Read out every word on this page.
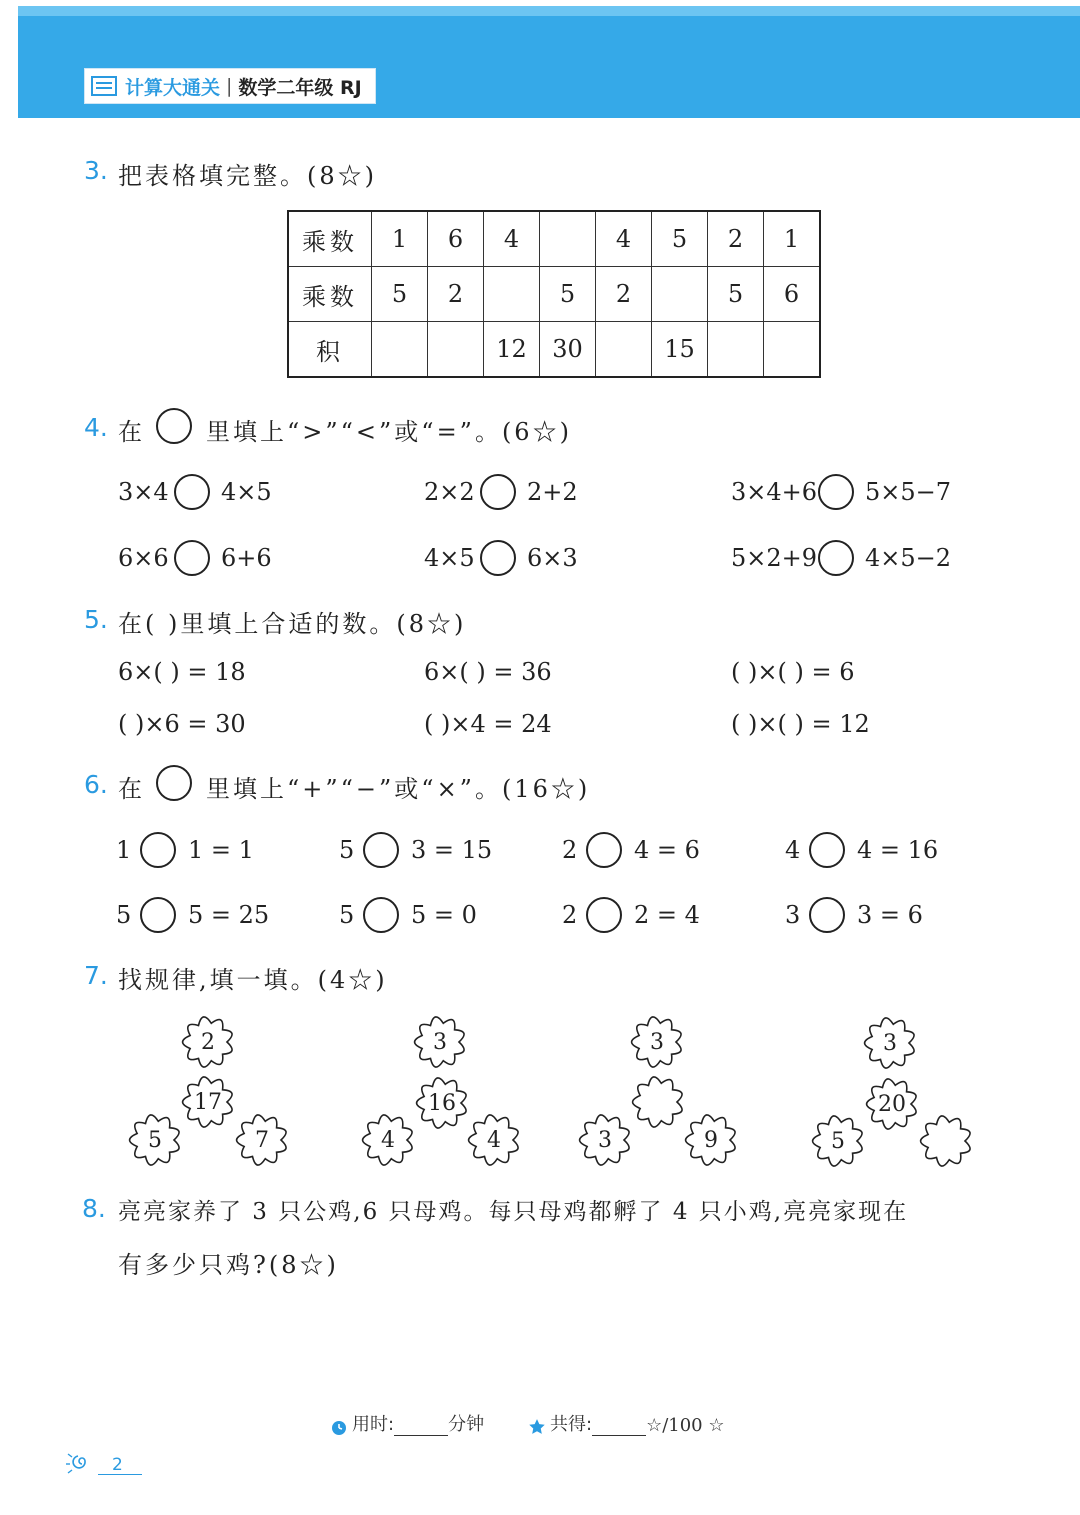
计算大通关 | 数学二年级 RJ
3. 把表格填完整。(8☆)
乘数	1	6	4		4	5	2	1
乘数	5	2		5	2		5	6
积			12	30		15		
4. 在	里填上“>”“<”或“=”。(6☆)
3×4 4×5	2×2 2+2	3×4+6 5×5−7
6×6 6+6	4×5 6×3	5×2+9 4×5−2
5. 在( )里填上合适的数。(8☆)
6×( ) = 18	6×( ) = 36	( )×( ) = 6
( )×6 = 30	( )×4 = 24	( )×( ) = 12
6. 在	里填上“+”“−”或“×”。(16☆)
1 1 = 1	5 3 = 15	2 4 = 6	4 4 = 16
5 5 = 25	5 5 = 0	2 2 = 4	3 3 = 6
7. 找规律,填一填。(4☆)
2
17
5	7
3
16
4	4
3
3	9
3
20
5
8. 亮亮家养了 3 只公鸡,6 只母鸡。每只母鸡都孵了 4 只小鸡,亮亮家现在
有多少只鸡?(8☆)
用时:	分钟	共得:	☆/100 ☆
2
